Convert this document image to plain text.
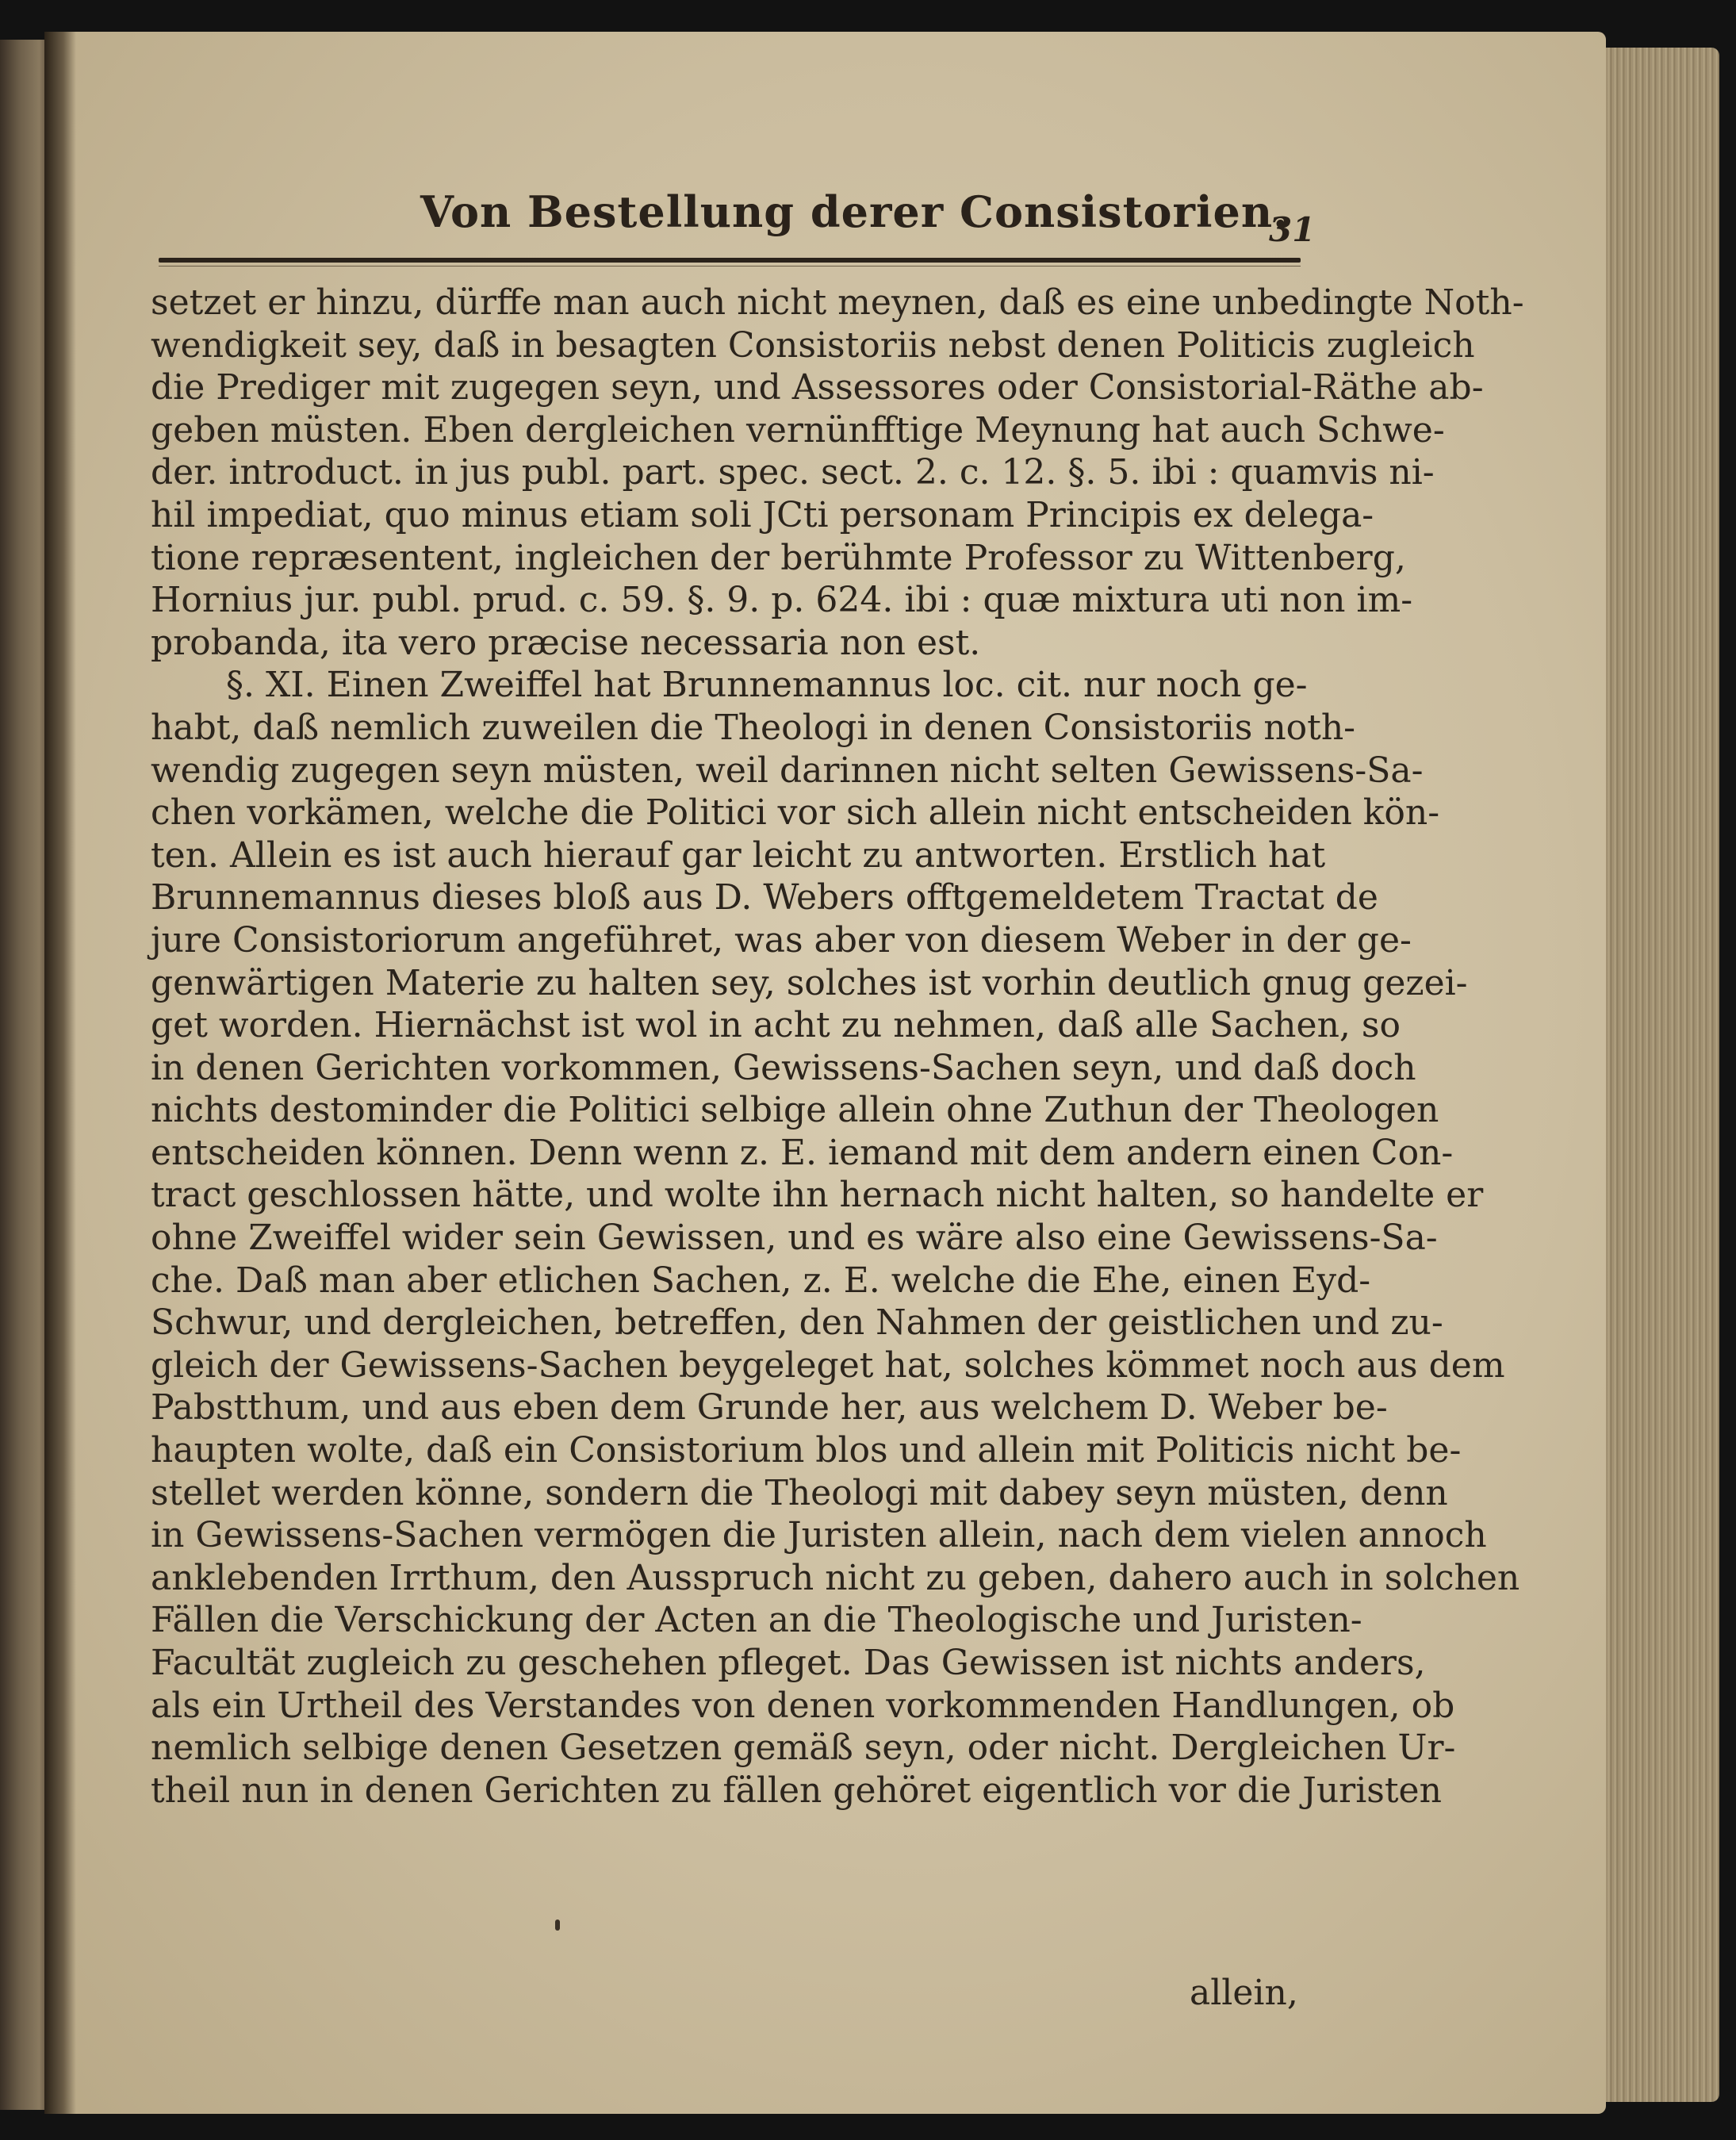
Von Bestellung derer Consistorien.
31
setzet er hinzu, dürffe man auch nicht meynen, daß es eine unbedingte Noth-
wendigkeit sey, daß in besagten Consistoriis nebst denen Politicis zugleich
die Prediger mit zugegen seyn, und Assessores oder Consistorial-Räthe ab-
geben müsten. Eben dergleichen vernünfftige Meynung hat auch Schwe-
der. introduct. in jus publ. part. spec. sect. 2. c. 12. §. 5. ibi : quamvis ni-
hil impediat, quo minus etiam soli JCti personam Principis ex delega-
tione repræsentent, ingleichen der berühmte Professor zu Wittenberg,
Hornius jur. publ. prud. c. 59. §. 9. p. 624. ibi : quæ mixtura uti non im-
probanda, ita vero præcise necessaria non est.
§. XI. Einen Zweiffel hat Brunnemannus loc. cit. nur noch ge-
habt, daß nemlich zuweilen die Theologi in denen Consistoriis noth-
wendig zugegen seyn müsten, weil darinnen nicht selten Gewissens-Sa-
chen vorkämen, welche die Politici vor sich allein nicht entscheiden kön-
ten. Allein es ist auch hierauf gar leicht zu antworten. Erstlich hat
Brunnemannus dieses bloß aus D. Webers offtgemeldetem Tractat de
jure Consistoriorum angeführet, was aber von diesem Weber in der ge-
genwärtigen Materie zu halten sey, solches ist vorhin deutlich gnug gezei-
get worden. Hiernächst ist wol in acht zu nehmen, daß alle Sachen, so
in denen Gerichten vorkommen, Gewissens-Sachen seyn, und daß doch
nichts destominder die Politici selbige allein ohne Zuthun der Theologen
entscheiden können. Denn wenn z. E. iemand mit dem andern einen Con-
tract geschlossen hätte, und wolte ihn hernach nicht halten, so handelte er
ohne Zweiffel wider sein Gewissen, und es wäre also eine Gewissens-Sa-
che. Daß man aber etlichen Sachen, z. E. welche die Ehe, einen Eyd-
Schwur, und dergleichen, betreffen, den Nahmen der geistlichen und zu-
gleich der Gewissens-Sachen beygeleget hat, solches kömmet noch aus dem
Pabstthum, und aus eben dem Grunde her, aus welchem D. Weber be-
haupten wolte, daß ein Consistorium blos und allein mit Politicis nicht be-
stellet werden könne, sondern die Theologi mit dabey seyn müsten, denn
in Gewissens-Sachen vermögen die Juristen allein, nach dem vielen annoch
anklebenden Irrthum, den Ausspruch nicht zu geben, dahero auch in solchen
Fällen die Verschickung der Acten an die Theologische und Juristen-
Facultät zugleich zu geschehen pfleget. Das Gewissen ist nichts anders,
als ein Urtheil des Verstandes von denen vorkommenden Handlungen, ob
nemlich selbige denen Gesetzen gemäß seyn, oder nicht. Dergleichen Ur-
theil nun in denen Gerichten zu fällen gehöret eigentlich vor die Juristen
allein,
